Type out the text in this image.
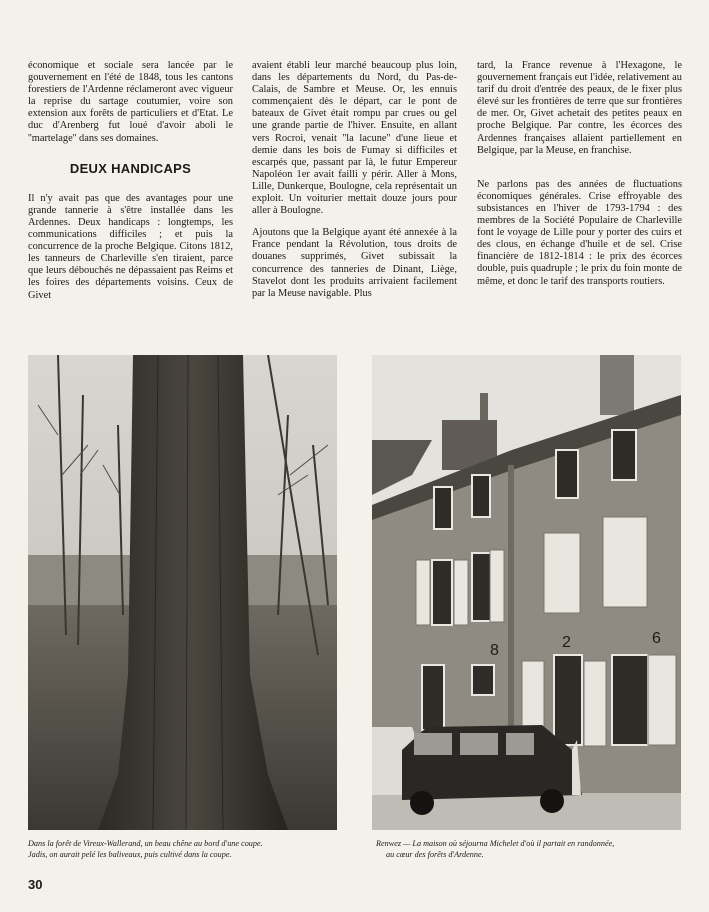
économique et sociale sera lancée par le gouvernement en l'été de 1848, tous les cantons forestiers de l'Ardenne réclameront avec vigueur la reprise du sartage coutumier, voire son extension aux forêts de particuliers et d'Etat. Le duc d'Arenberg fut loué d'avoir aboli le ''martelage'' dans ses domaines.

DEUX HANDICAPS

Il n'y avait pas que des avantages pour une grande tannerie à s'être installée dans les Ardennes. Deux handicaps : longtemps, les communications difficiles ; et puis la concurrence de la proche Belgique. Citons 1812, les tanneurs de Charleville s'en tiraient, parce que leurs débouchés ne dépassaient pas Reims et les foires des départements voisins. Ceux de Givet

avaient établi leur marché beaucoup plus loin, dans les départements du Nord, du Pas-de-Calais, de Sambre et Meuse. Or, les ennuis commençaient dès le départ, car le pont de bateaux de Givet était rompu par crues ou gel une grande partie de l'hiver. Ensuite, en allant vers Rocroi, venait ''la lacune'' d'une lieue et demie dans les bois de Fumay si difficiles et escarpés que, passant par là, le futur Empereur Napoléon 1er avait failli y périr. Aller à Mons, Lille, Dunkerque, Boulogne, cela représentait un exploit. Un voiturier mettait douze jours pour aller à Boulogne.

Ajoutons que la Belgique ayant été annexée à la France pendant la Révolution, tous droits de douanes supprimés, Givet subissait la concurrence des tanneries de Dinant, Liège, Stavelot dont les produits arrivaient facilement par la Meuse navigable. Plus

tard, la France revenue à l'Hexagone, le gouvernement français eut l'idée, relativement au tarif du droit d'entrée des peaux, de le fixer plus élevé sur les frontières de terre que sur frontières de mer. Or, Givet achetait des petites peaux en proche Belgique. Par contre, les écorces des Ardennes françaises allaient partiellement en Belgique, par la Meuse, en franchise.

Ne parlons pas des années de fluctuations économiques générales. Crise effroyable des subsistances en l'hiver de 1793-1794 : des membres de la Société Populaire de Charleville font le voyage de Lille pour y porter des cuirs et des clous, en échange d'huile et de sel. Crise financière de 1812-1814 : le prix des écorces double, puis quadruple ; le prix du foin monte de même, et donc le tarif des transports routiers.

8	2	6
Dans la forêt de Vireux-Wallerand, un beau chêne au bord d'une coupe.
Jadis, on aurait pelé les baliveaux, puis cultivé dans la coupe.
Renwez — La maison où séjourna Michelet d'où il partait en randonnée,
au cœur des forêts d'Ardenne.
30
